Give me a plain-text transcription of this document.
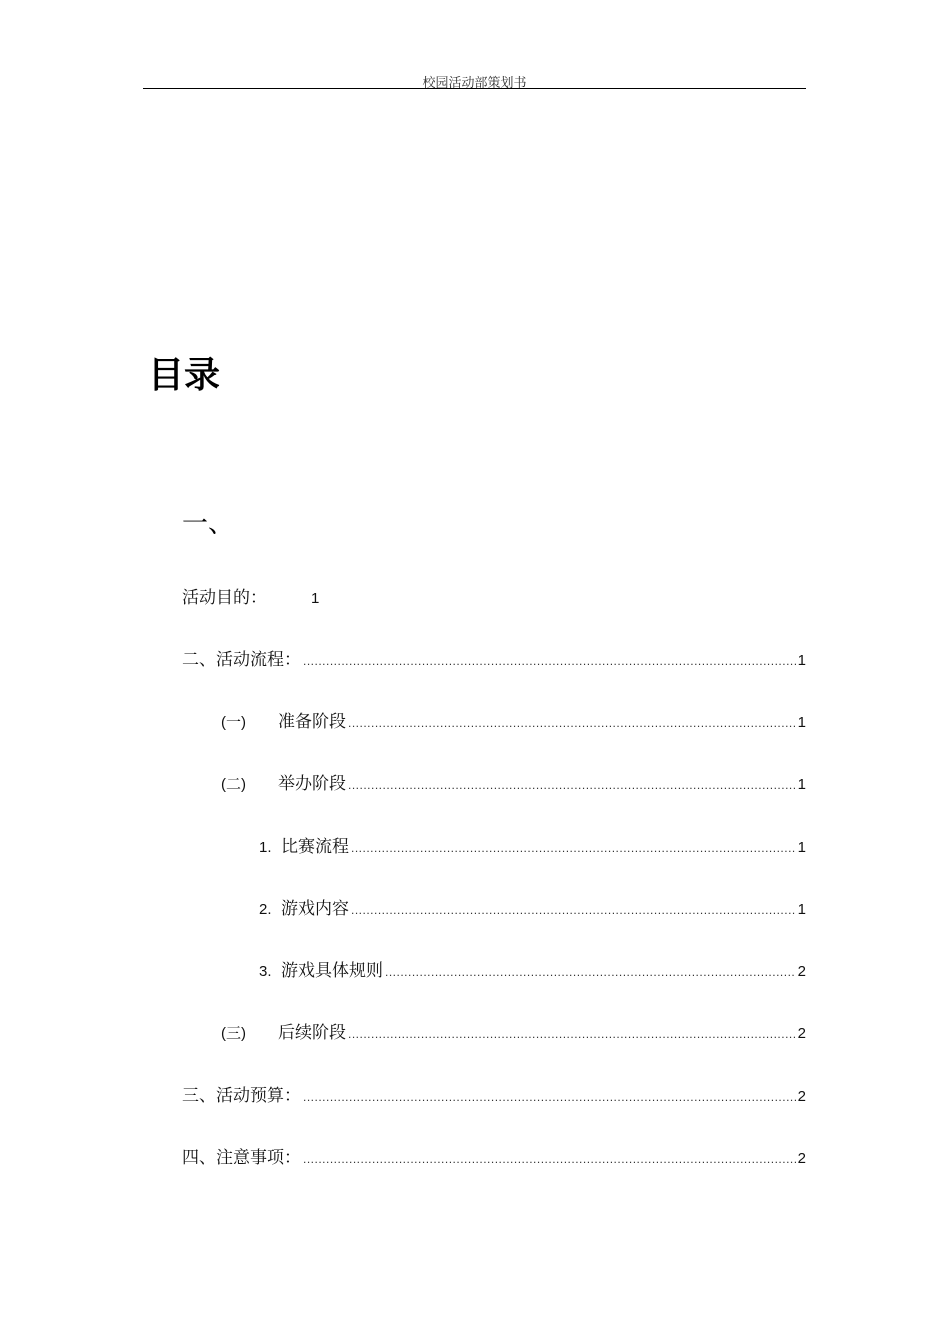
校园活动部策划书
目录
一、
活动目的：	1
二、活动流程： .....	1
(一)	准备阶段 .....	1
(二)	举办阶段 .....	1
1. 比赛流程 .....	1
2. 游戏内容 .....	1
3. 游戏具体规则 .....	2
(三)	后续阶段 .....	2
三、活动预算： .....	2
四、注意事项： .....	2
